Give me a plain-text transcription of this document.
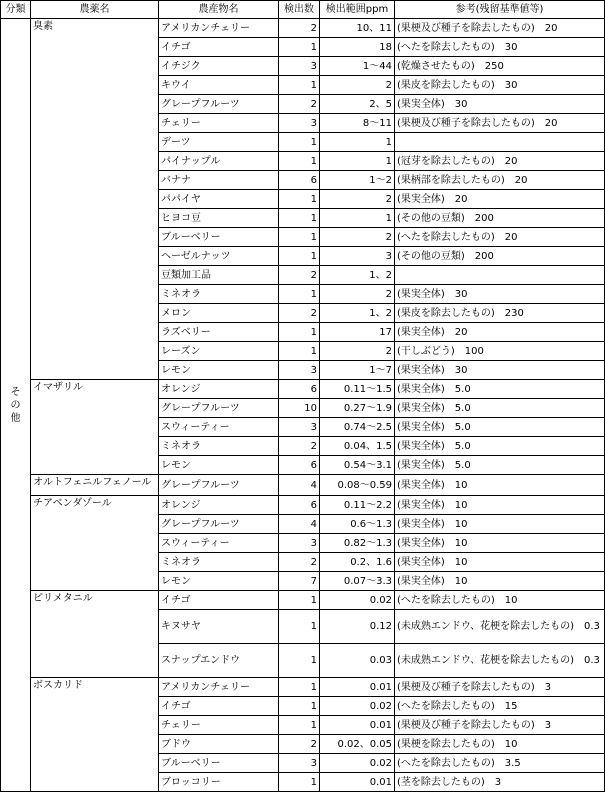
分類	農薬名	農産物名	検出数	検出範囲ppm	参考(残留基準値等)
その他	臭素	アメリカンチェリー	2	10、11	(果梗及び種子を除去したもの)　20
		イチゴ	1	18	(へたを除去したもの)　30
		イチジク	3	1～44	(乾燥させたもの)　250
		キウイ	1	2	(果皮を除去したもの)　30
		グレープフルーツ	2	2、5	(果実全体)　30
		チェリー	3	8～11	(果梗及び種子を除去したもの)　20
		デーツ	1	1	
		パイナップル	1	1	(冠芽を除去したもの)　20
		バナナ	6	1～2	(果柄部を除去したもの)　20
		パパイヤ	1	2	(果実全体)　20
		ヒヨコ豆	1	1	(その他の豆類)　200
		ブルーベリー	1	2	(へたを除去したもの)　20
		ヘーゼルナッツ	1	3	(その他の豆類)　200
		豆類加工品	2	1、2	
		ミネオラ	1	2	(果実全体)　30
		メロン	2	1、2	(果皮を除去したもの)　230
		ラズベリー	1	17	(果実全体)　20
		レーズン	1	2	(干しぶどう)　100
		レモン	3	1～7	(果実全体)　30
	イマザリル	オレンジ	6	0.11～1.5	(果実全体)　5.0
		グレープフルーツ	10	0.27～1.9	(果実全体)　5.0
		スウィーティー	3	0.74～2.5	(果実全体)　5.0
		ミネオラ	2	0.04、1.5	(果実全体)　5.0
		レモン	6	0.54～3.1	(果実全体)　5.0
	オルトフェニルフェノール	グレープフルーツ	4	0.08～0.59	(果実全体)　10
	チアベンダゾール	オレンジ	6	0.11～2.2	(果実全体)　10
		グレープフルーツ	4	0.6～1.3	(果実全体)　10
		スウィーティー	3	0.82～1.3	(果実全体)　10
		ミネオラ	2	0.2、1.6	(果実全体)　10
		レモン	7	0.07～3.3	(果実全体)　10
	ピリメタニル	イチゴ	1	0.02	(へたを除去したもの)　10
		キヌサヤ	1	0.12	(未成熟エンドウ、花梗を除去したもの)　0.3
		スナップエンドウ	1	0.03	(未成熟エンドウ、花梗を除去したもの)　0.3
	ボスカリド	アメリカンチェリー	1	0.01	(果梗及び種子を除去したもの)　3
		イチゴ	1	0.02	(へたを除去したもの)　15
		チェリー	1	0.01	(果梗及び種子を除去したもの)　3
		ブドウ	2	0.02、0.05	(果梗を除去したもの)　10
		ブルーベリー	3	0.02	(へたを除去したもの)　3.5
		ブロッコリー	1	0.01	(茎を除去したもの)　3
